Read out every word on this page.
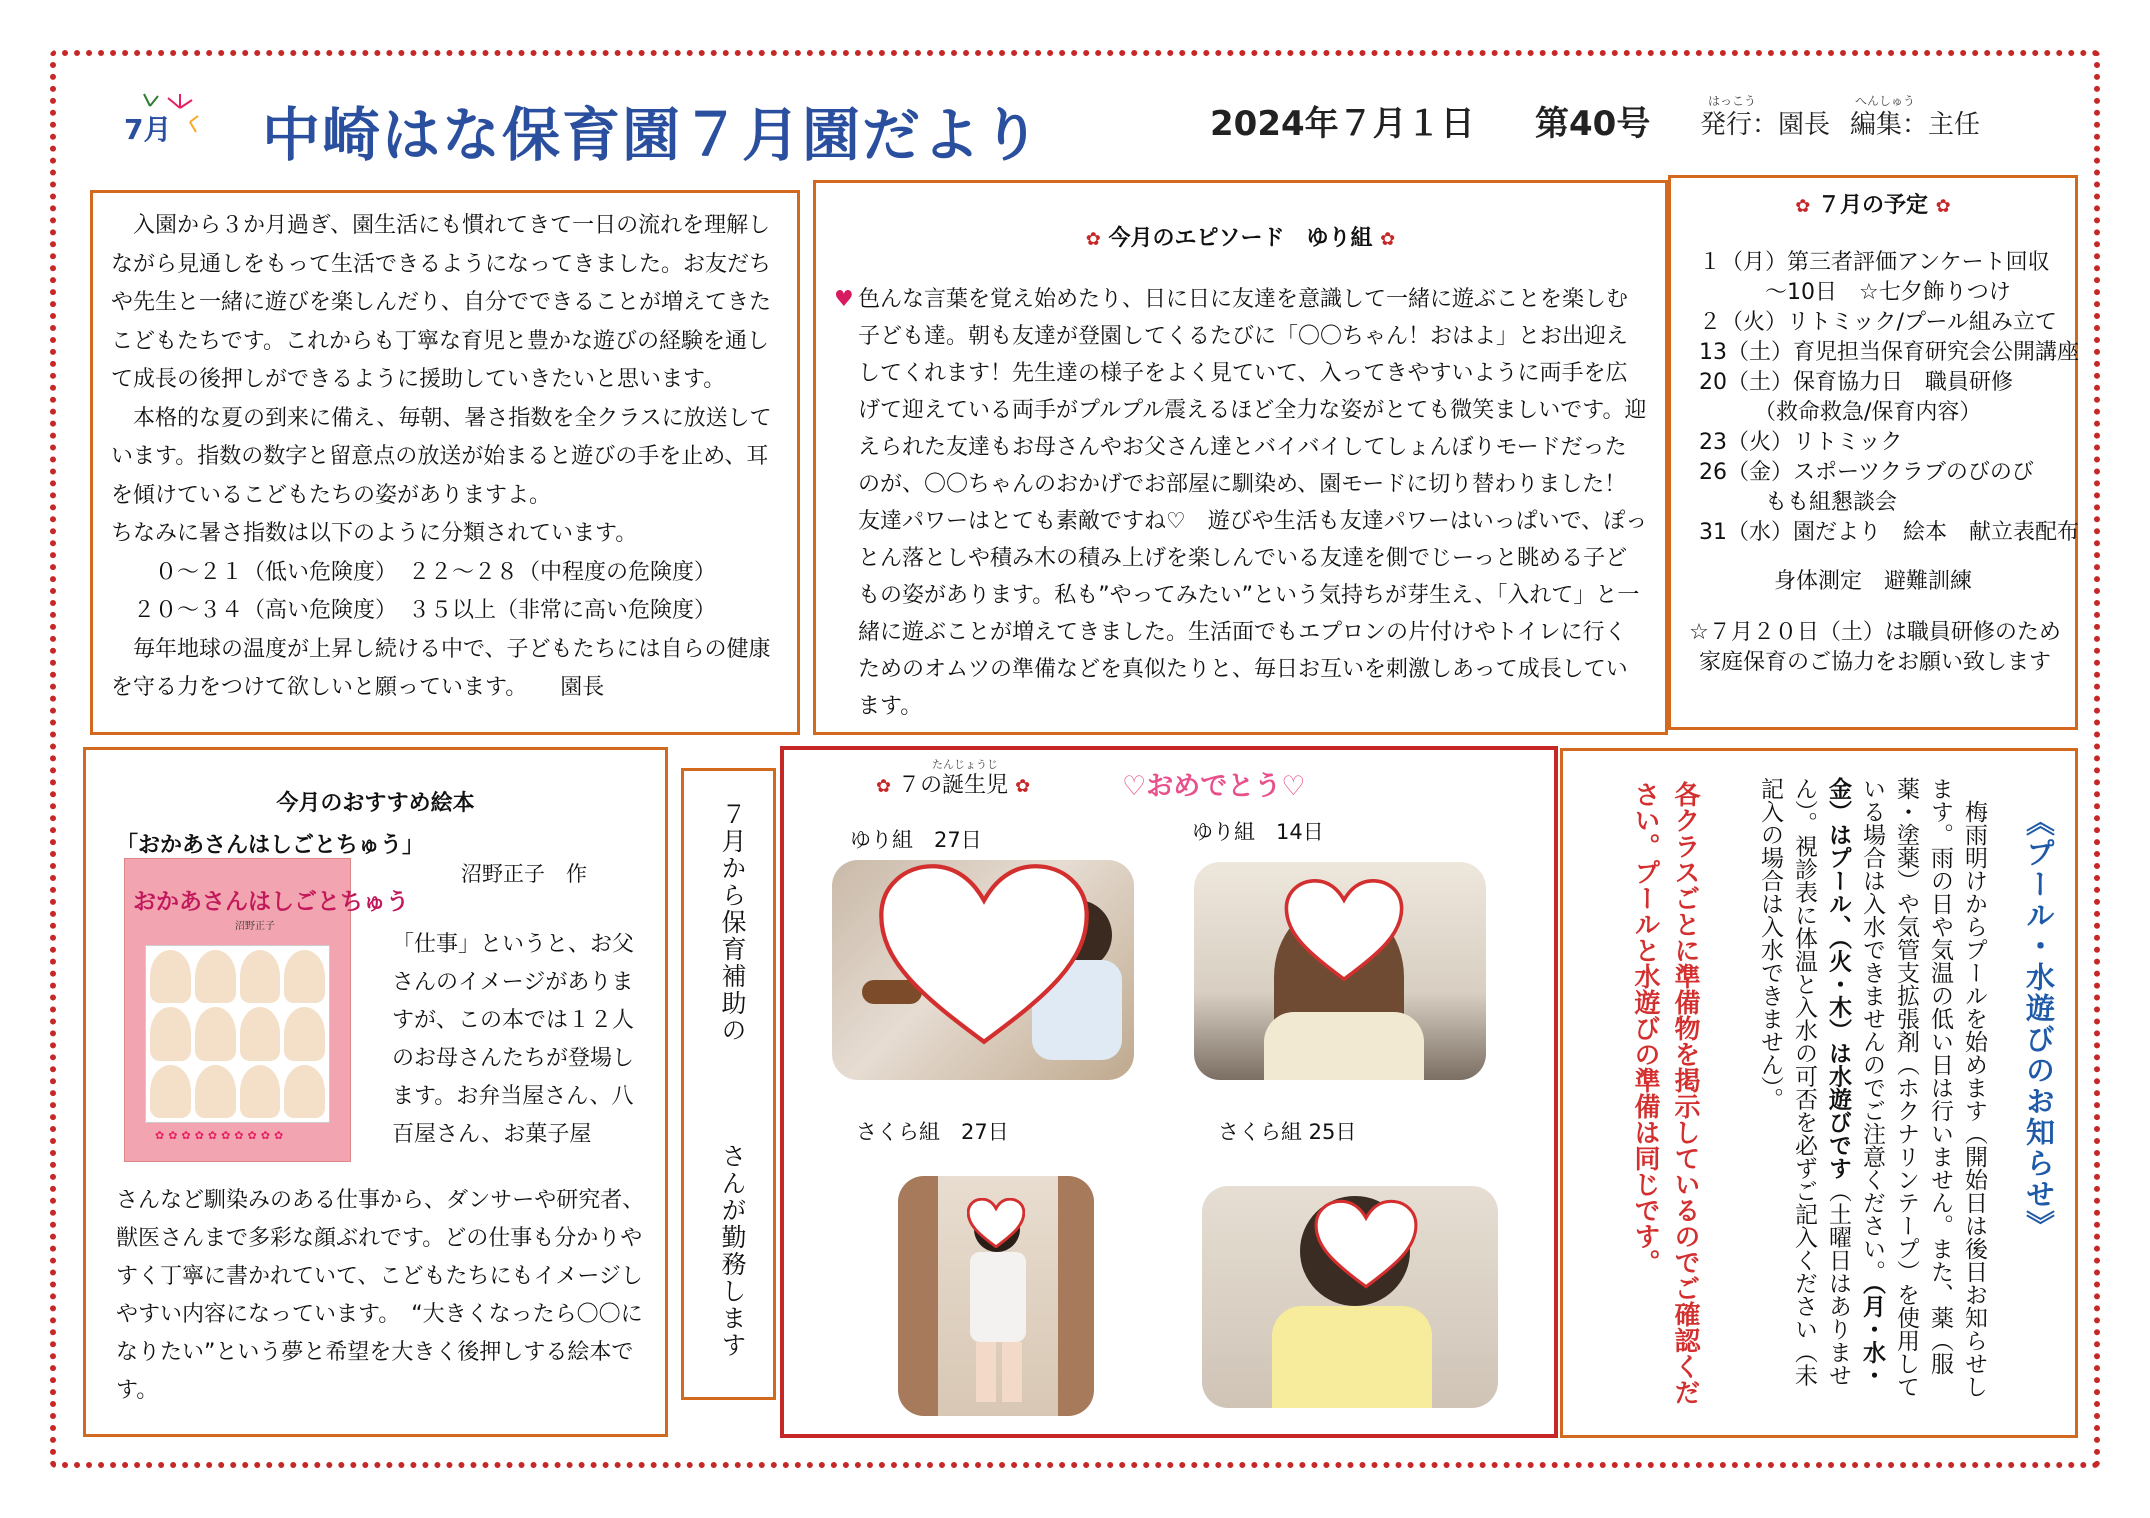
7月 中崎はな保育園７月園だより	2024年７月１日 第40号
はっこう
発行：園長
へんしゅう
編集：主任
　入園から３か月過ぎ、園生活にも慣れてきて一日の流れを理解しながら見通しをもって生活できるようになってきました。お友だちや先生と一緒に遊びを楽しんだり、自分でできることが増えてきたこどもたちです。これからも丁寧な育児と豊かな遊びの経験を通して成長の後押しができるように援助していきたいと思います。
　本格的な夏の到来に備え、毎朝、暑さ指数を全クラスに放送しています。指数の数字と留意点の放送が始まると遊びの手を止め、耳を傾けているこどもたちの姿がありますよ。
ちなみに暑さ指数は以下のように分類されています。
　　０～２１（低い危険度）　２２～２８（中程度の危険度）
　２０～３４（高い危険度）　３５以上（非常に高い危険度）
　毎年地球の温度が上昇し続ける中で、子どもたちには自らの健康を守る力をつけて欲しいと願っています。　　園長
✿ 今月のエピソード　ゆり組 ✿
♥ 色んな言葉を覚え始めたり、日に日に友達を意識して一緒に遊ぶことを楽しむ子ども達。朝も友達が登園してくるたびに「〇〇ちゃん！おはよ」とお出迎えしてくれます！先生達の様子をよく見ていて、入ってきやすいように両手を広げて迎えている両手がプルプル震えるほど全力な姿がとても微笑ましいです。迎えられた友達もお母さんやお父さん達とバイバイしてしょんぼりモードだったのが、〇〇ちゃんのおかげでお部屋に馴染め、園モードに切り替わりました！友達パワーはとても素敵ですね♡　遊びや生活も友達パワーはいっぱいで、ぽっとん落としや積み木の積み上げを楽しんでいる友達を側でじーっと眺める子どもの姿があります。私も”やってみたい”という気持ちが芽生え、「入れて」と一緒に遊ぶことが増えてきました。生活面でもエプロンの片付けやトイレに行くためのオムツの準備などを真似たりと、毎日お互いを刺激しあって成長しています。
✿ ７月の予定 ✿
１（月）第三者評価アンケート回収
　　　～10日　☆七夕飾りつけ
２（火）リトミック/プール組み立て
13（土）育児担当保育研究会公開講座
20（土）保育協力日　職員研修
　　　（救命救急/保育内容）
23（火）リトミック
26（金）スポーツクラブのびのび
　　　もも組懇談会
31（水）園だより　絵本　献立表配布
身体測定　避難訓練
☆７月２０日（土）は職員研修のため家庭保育のご協力をお願い致します
今月のおすすめ絵本
「おかあさんはしごとちゅう」
沼野正子　作
おかあさんはしごとちゅう
沼野正子
✿✿✿✿✿✿✿✿✿✿
「仕事」というと、お父さんのイメージがありますが、この本では１２人のお母さんたちが登場します。お弁当屋さん、八百屋さん、お菓子屋
さんなど馴染みのある仕事から、ダンサーや研究者、獣医さんまで多彩な顔ぶれです。どの仕事も分かりやすく丁寧に書かれていて、こどもたちにもイメージしやすい内容になっています。　“大きくなったら〇〇になりたい”という夢と希望を大きく後押しする絵本です。
７月から保育補助の
さんが勤務します
✿ ７の誕生児 ✿
たんじょうじ
♡おめでとう♡
ゆり組　27日	ゆり組　14日
さくら組　27日	さくら組 25日	《プール・水遊びのお知らせ》
　梅雨明けからプールを始めます（開始日は後日お知らせします。雨の日や気温の低い日は行いません。また、薬（服薬・塗薬）や気管支拡張剤（ホクナリンテープ）を使用している場合は入水できませんのでご注意ください。（月・水・金）はプール、（火・木）は水遊びです（土曜日はありません）。視診表に体温と入水の可否を必ずご記入ください（未記入の場合は入水できません）。
各クラスごとに準備物を掲示しているのでご確認ください。プールと水遊びの準備は同じです。
